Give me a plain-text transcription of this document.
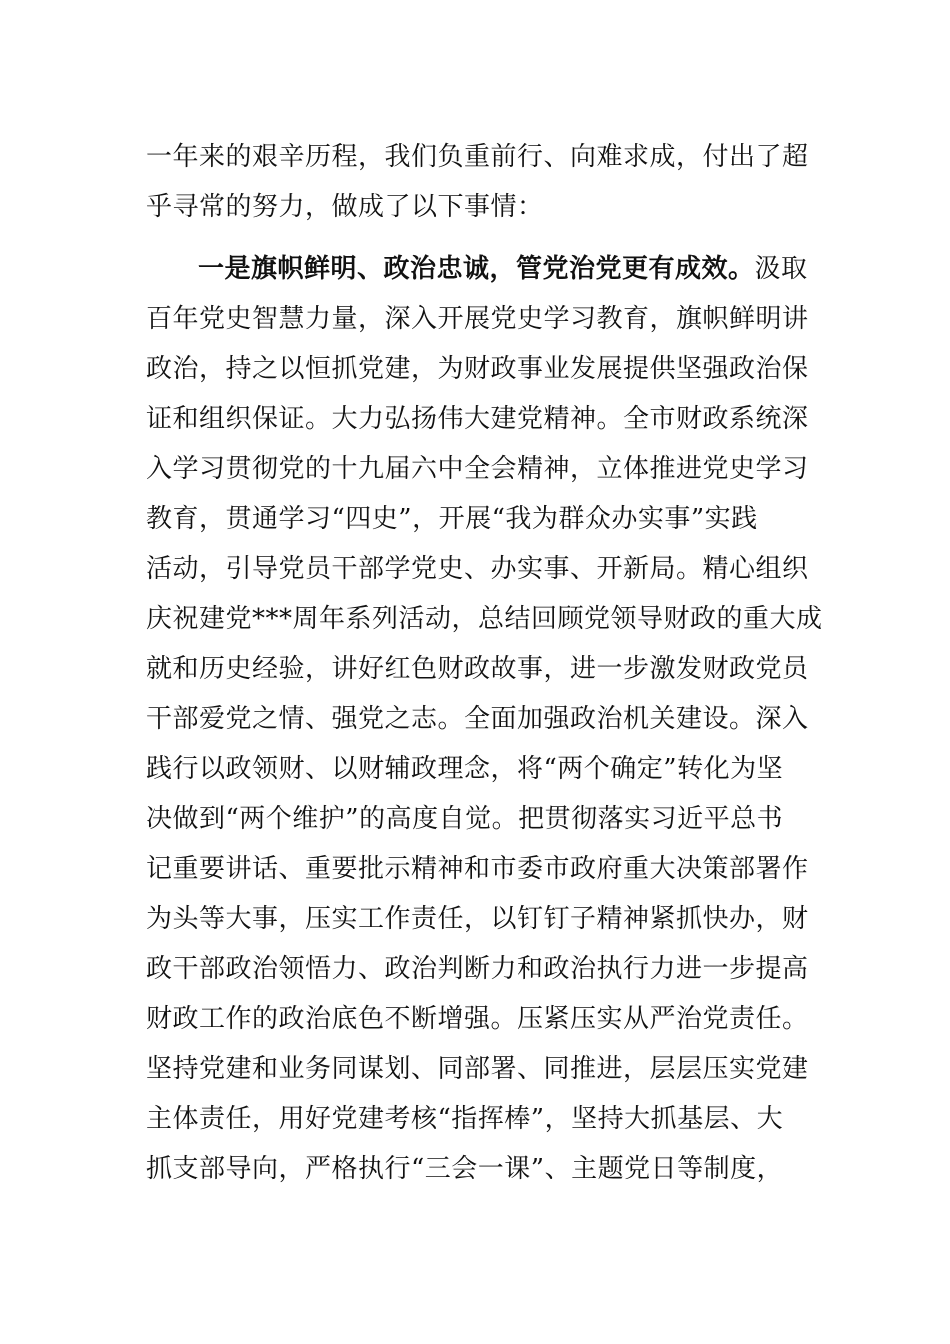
一年来的艰辛历程，我们负重前行、向难求成，付出了超
乎寻常的努力，做成了以下事情：
一是旗帜鲜明、政治忠诚，管党治党更有成效。汲取
百年党史智慧力量，深入开展党史学习教育，旗帜鲜明讲
政治，持之以恒抓党建，为财政事业发展提供坚强政治保
证和组织保证。大力弘扬伟大建党精神。全市财政系统深
入学习贯彻党的十九届六中全会精神，立体推进党史学习
教育，贯通学习“四史”，开展“我为群众办实事”实践
活动，引导党员干部学党史、办实事、开新局。精心组织
庆祝建党***周年系列活动，总结回顾党领导财政的重大成
就和历史经验，讲好红色财政故事，进一步激发财政党员
干部爱党之情、强党之志。全面加强政治机关建设。深入
践行以政领财、以财辅政理念，将“两个确定”转化为坚
决做到“两个维护”的高度自觉。把贯彻落实习近平总书
记重要讲话、重要批示精神和市委市政府重大决策部署作
为头等大事，压实工作责任，以钉钉子精神紧抓快办，财
政干部政治领悟力、政治判断力和政治执行力进一步提高
财政工作的政治底色不断增强。压紧压实从严治党责任。
坚持党建和业务同谋划、同部署、同推进，层层压实党建
主体责任，用好党建考核“指挥棒”，坚持大抓基层、大
抓支部导向，严格执行“三会一课”、主题党日等制度，
